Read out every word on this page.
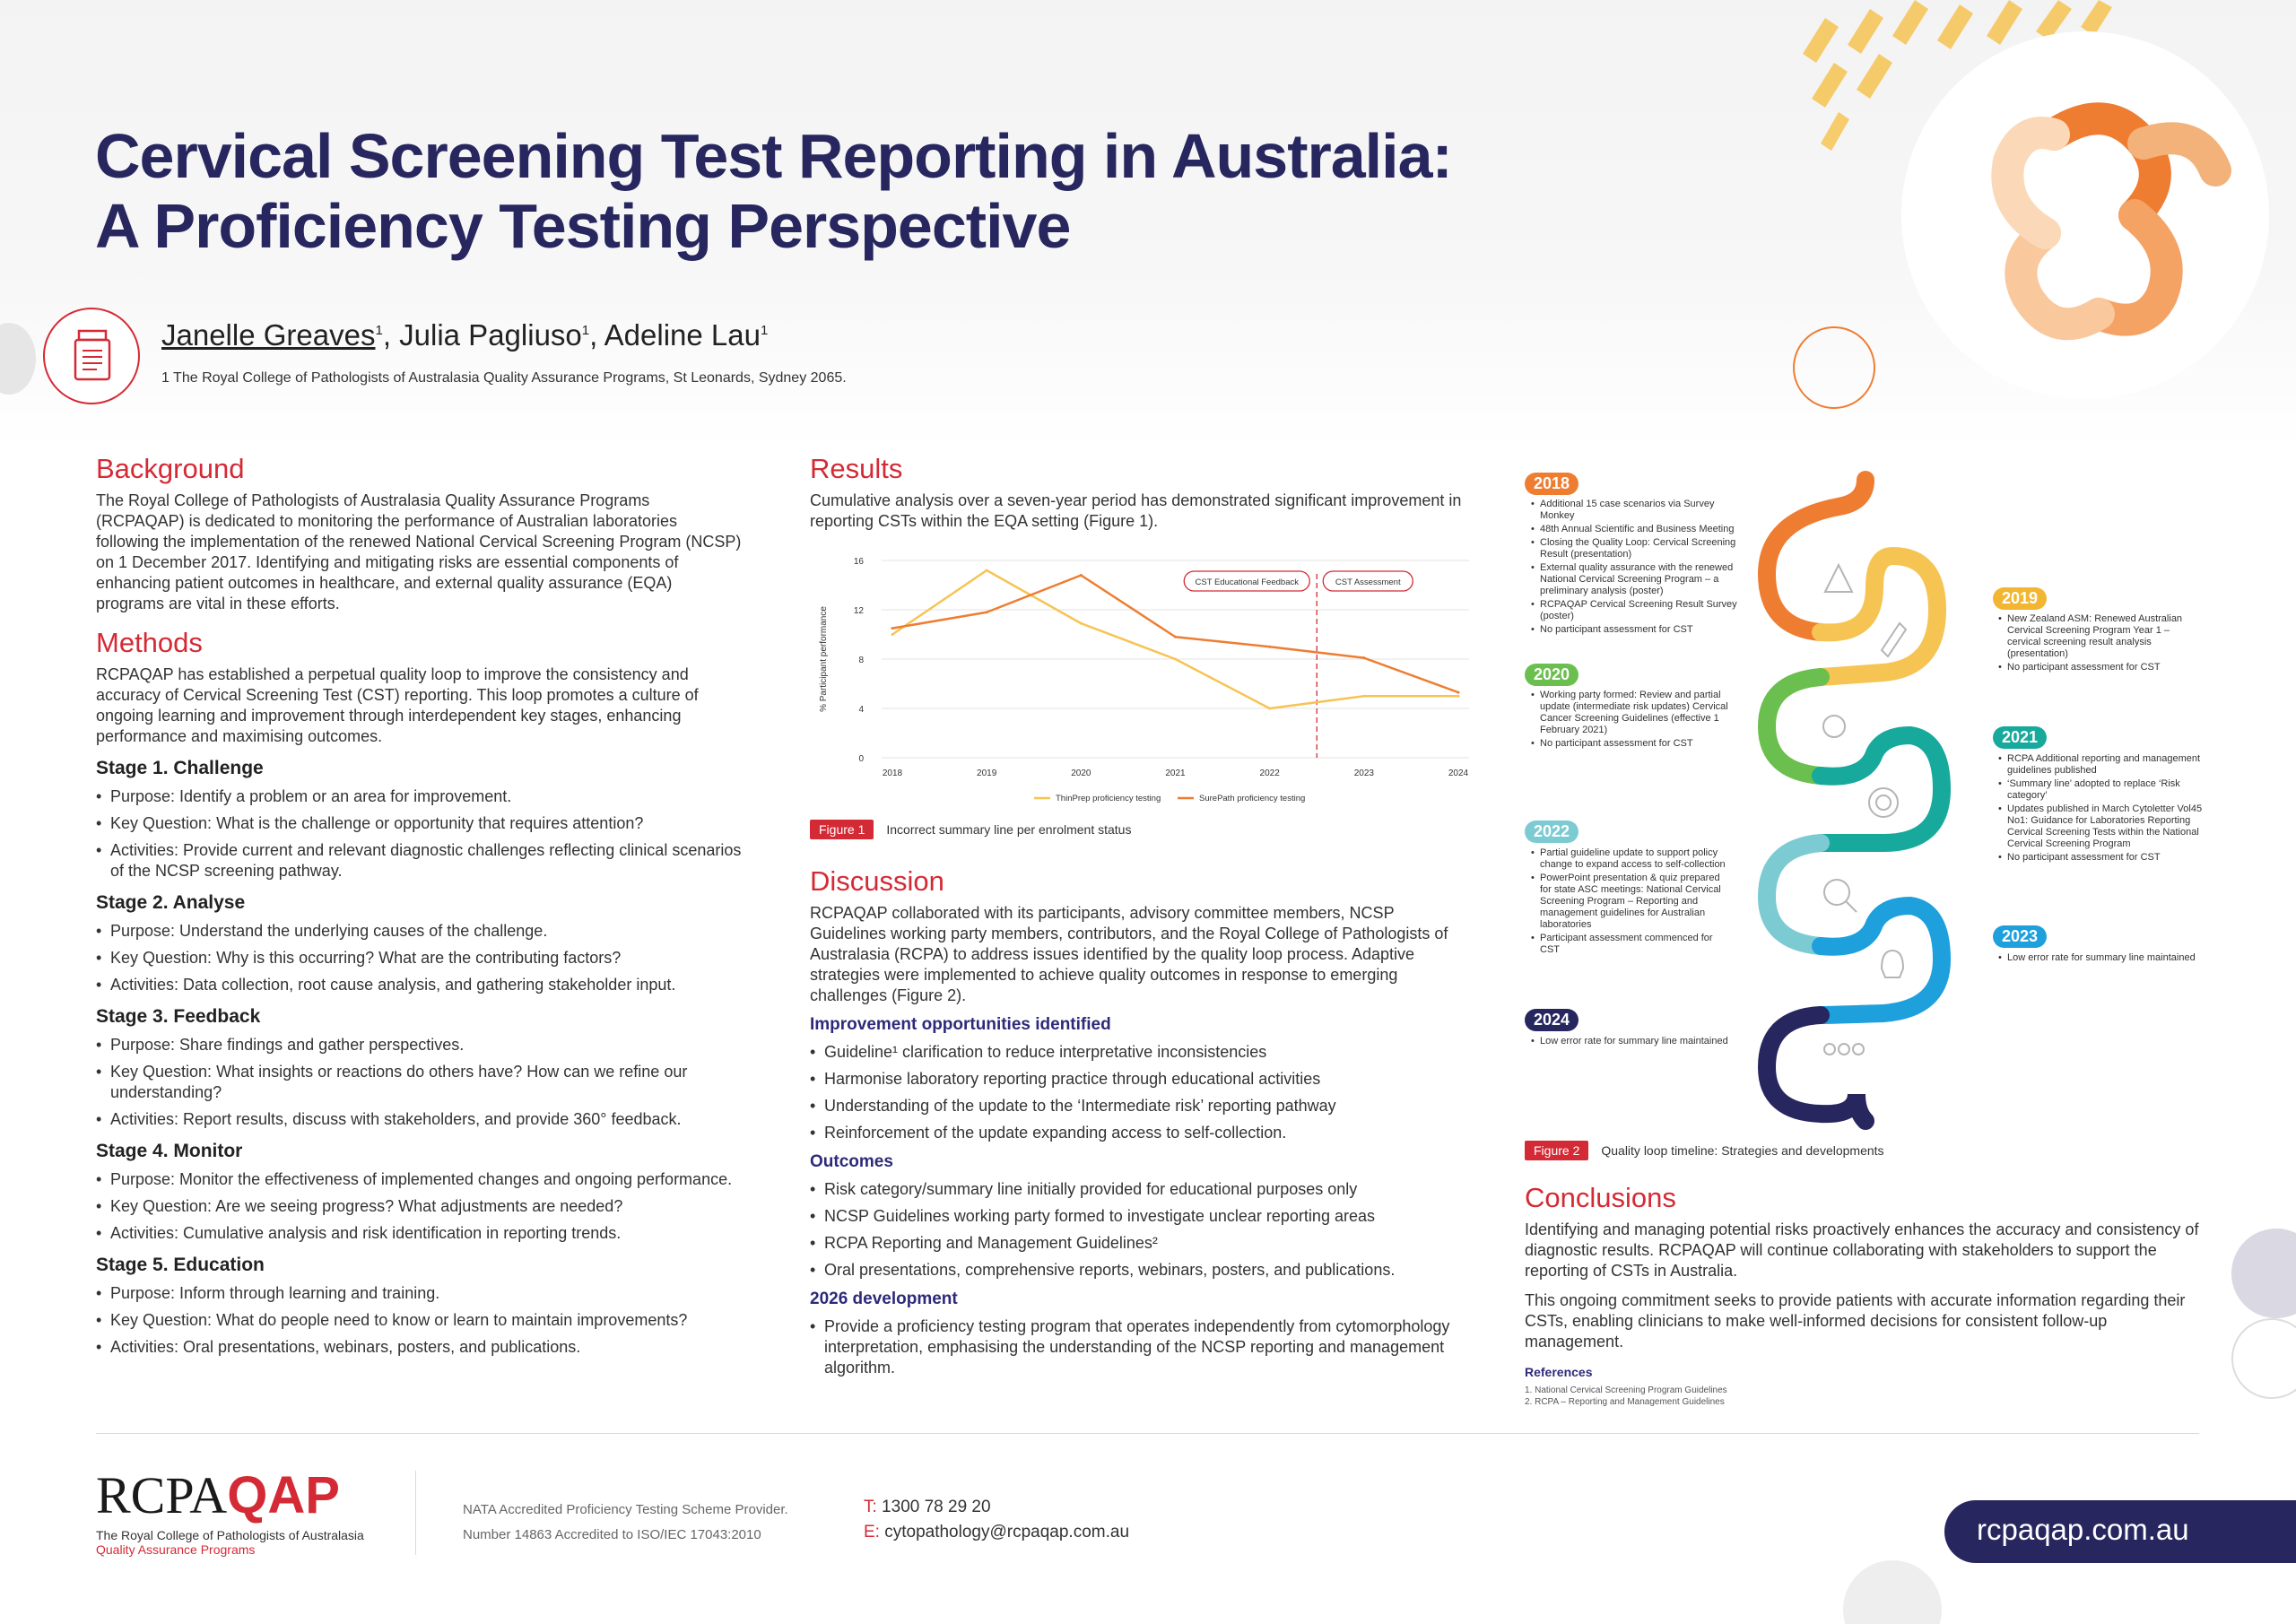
Cervical Screening Test Reporting in Australia:
A Proficiency Testing Perspective
Janelle Greaves$^1$, Julia Pagliuso$^1$, Adeline Lau$^1$
1 The Royal College of Pathologists of Australasia Quality Assurance Programs, St Leonards, Sydney 2065.
Background
The Royal College of Pathologists of Australasia Quality Assurance Programs (RCPAQAP) is dedicated to monitoring the performance of Australian laboratories following the implementation of the renewed National Cervical Screening Program (NCSP) on 1 December 2017. Identifying and mitigating risks are essential components of enhancing patient outcomes in healthcare, and external quality assurance (EQA) programs are vital in these efforts.
Methods
RCPAQAP has established a perpetual quality loop to improve the consistency and accuracy of Cervical Screening Test (CST) reporting. This loop promotes a culture of ongoing learning and improvement through interdependent key stages, enhancing performance and maximising outcomes.
Stage 1. Challenge
• Purpose: Identify a problem or an area for improvement.
• Key Question: What is the challenge or opportunity that requires attention?
• Activities: Provide current and relevant diagnostic challenges reflecting clinical scenarios of the NCSP screening pathway.
Stage 2. Analyse
• Purpose: Understand the underlying causes of the challenge.
• Key Question: Why is this occurring? What are the contributing factors?
• Activities: Data collection, root cause analysis, and gathering stakeholder input.
Stage 3. Feedback
• Purpose: Share findings and gather perspectives.
• Key Question: What insights or reactions do others have? How can we refine our understanding?
• Activities: Report results, discuss with stakeholders, and provide 360° feedback.
Stage 4. Monitor
• Purpose: Monitor the effectiveness of implemented changes and ongoing performance.
• Key Question: Are we seeing progress? What adjustments are needed?
• Activities: Cumulative analysis and risk identification in reporting trends.
Stage 5. Education
• Purpose: Inform through learning and training.
• Key Question: What do people need to know or learn to maintain improvements?
• Activities: Oral presentations, webinars, posters, and publications.
Results
Cumulative analysis over a seven-year period has demonstrated significant improvement in reporting CSTs within the EQA setting (Figure 1).
0
4
8
12
16
% Participant performance
2018	2019	2020	2021	2022	2023	2024
CST Educational Feedback	CST Assessment
ThinPrep proficiency testing	SurePath proficiency testing
Figure 1 Incorrect summary line per enrolment status
Discussion
RCPAQAP collaborated with its participants, advisory committee members, NCSP Guidelines working party members, contributors, and the Royal College of Pathologists of Australasia (RCPA) to address issues identified by the quality loop process. Adaptive strategies were implemented to achieve quality outcomes in response to emerging challenges (Figure 2).
Improvement opportunities identified
• Guideline¹ clarification to reduce interpretative inconsistencies
• Harmonise laboratory reporting practice through educational activities
• Understanding of the update to the ‘Intermediate risk’ reporting pathway
• Reinforcement of the update expanding access to self-collection.
Outcomes
• Risk category/summary line initially provided for educational purposes only
• NCSP Guidelines working party formed to investigate unclear reporting areas
• RCPA Reporting and Management Guidelines²
• Oral presentations, comprehensive reports, webinars, posters, and publications.
2026 development
• Provide a proficiency testing program that operates independently from cytomorphology interpretation, emphasising the understanding of the NCSP reporting and management algorithm.
2018
• Additional 15 case scenarios via Survey Monkey
• 48th Annual Scientific and Business Meeting
• Closing the Quality Loop: Cervical Screening Result (presentation)
• External quality assurance with the renewed National Cervical Screening Program – a preliminary analysis (poster)
• RCPAQAP Cervical Screening Result Survey (poster)
• No participant assessment for CST
2019
• New Zealand ASM: Renewed Australian Cervical Screening Program Year 1 – cervical screening result analysis (presentation)
• No participant assessment for CST
2020
• Working party formed: Review and partial update (intermediate risk updates) Cervical Cancer Screening Guidelines (effective 1 February 2021)
• No participant assessment for CST	2021
• RCPA Additional reporting and management guidelines published
• ‘Summary line’ adopted to replace ‘Risk category’
• Updates published in March Cytoletter Vol45 No1: Guidance for Laboratories Reporting Cervical Screening Tests within the National Cervical Screening Program
• No participant assessment for CST
2022
• Partial guideline update to support policy change to expand access to self-collection
• PowerPoint presentation & quiz prepared for state ASC meetings: National Cervical Screening Program – Reporting and management guidelines for Australian laboratories
• Participant assessment commenced for CST
2023
• Low error rate for summary line maintained
2024
• Low error rate for summary line maintained
Figure 2 Quality loop timeline: Strategies and developments
Conclusions
Identifying and managing potential risks proactively enhances the accuracy and consistency of diagnostic results. RCPAQAP will continue collaborating with stakeholders to support the reporting of CSTs in Australia.
This ongoing commitment seeks to provide patients with accurate information regarding their CSTs, enabling clinicians to make well-informed decisions for consistent follow-up management.
References
1. National Cervical Screening Program Guidelines
2. RCPA – Reporting and Management Guidelines
RCPAQAP
The Royal College of Pathologists of Australasia
Quality Assurance Programs
NATA Accredited Proficiency Testing Scheme Provider.
Number 14863 Accredited to ISO/IEC 17043:2010
T: 1300 78 29 20
E: cytopathology@rcpaqap.com.au	rcpaqap.com.au
